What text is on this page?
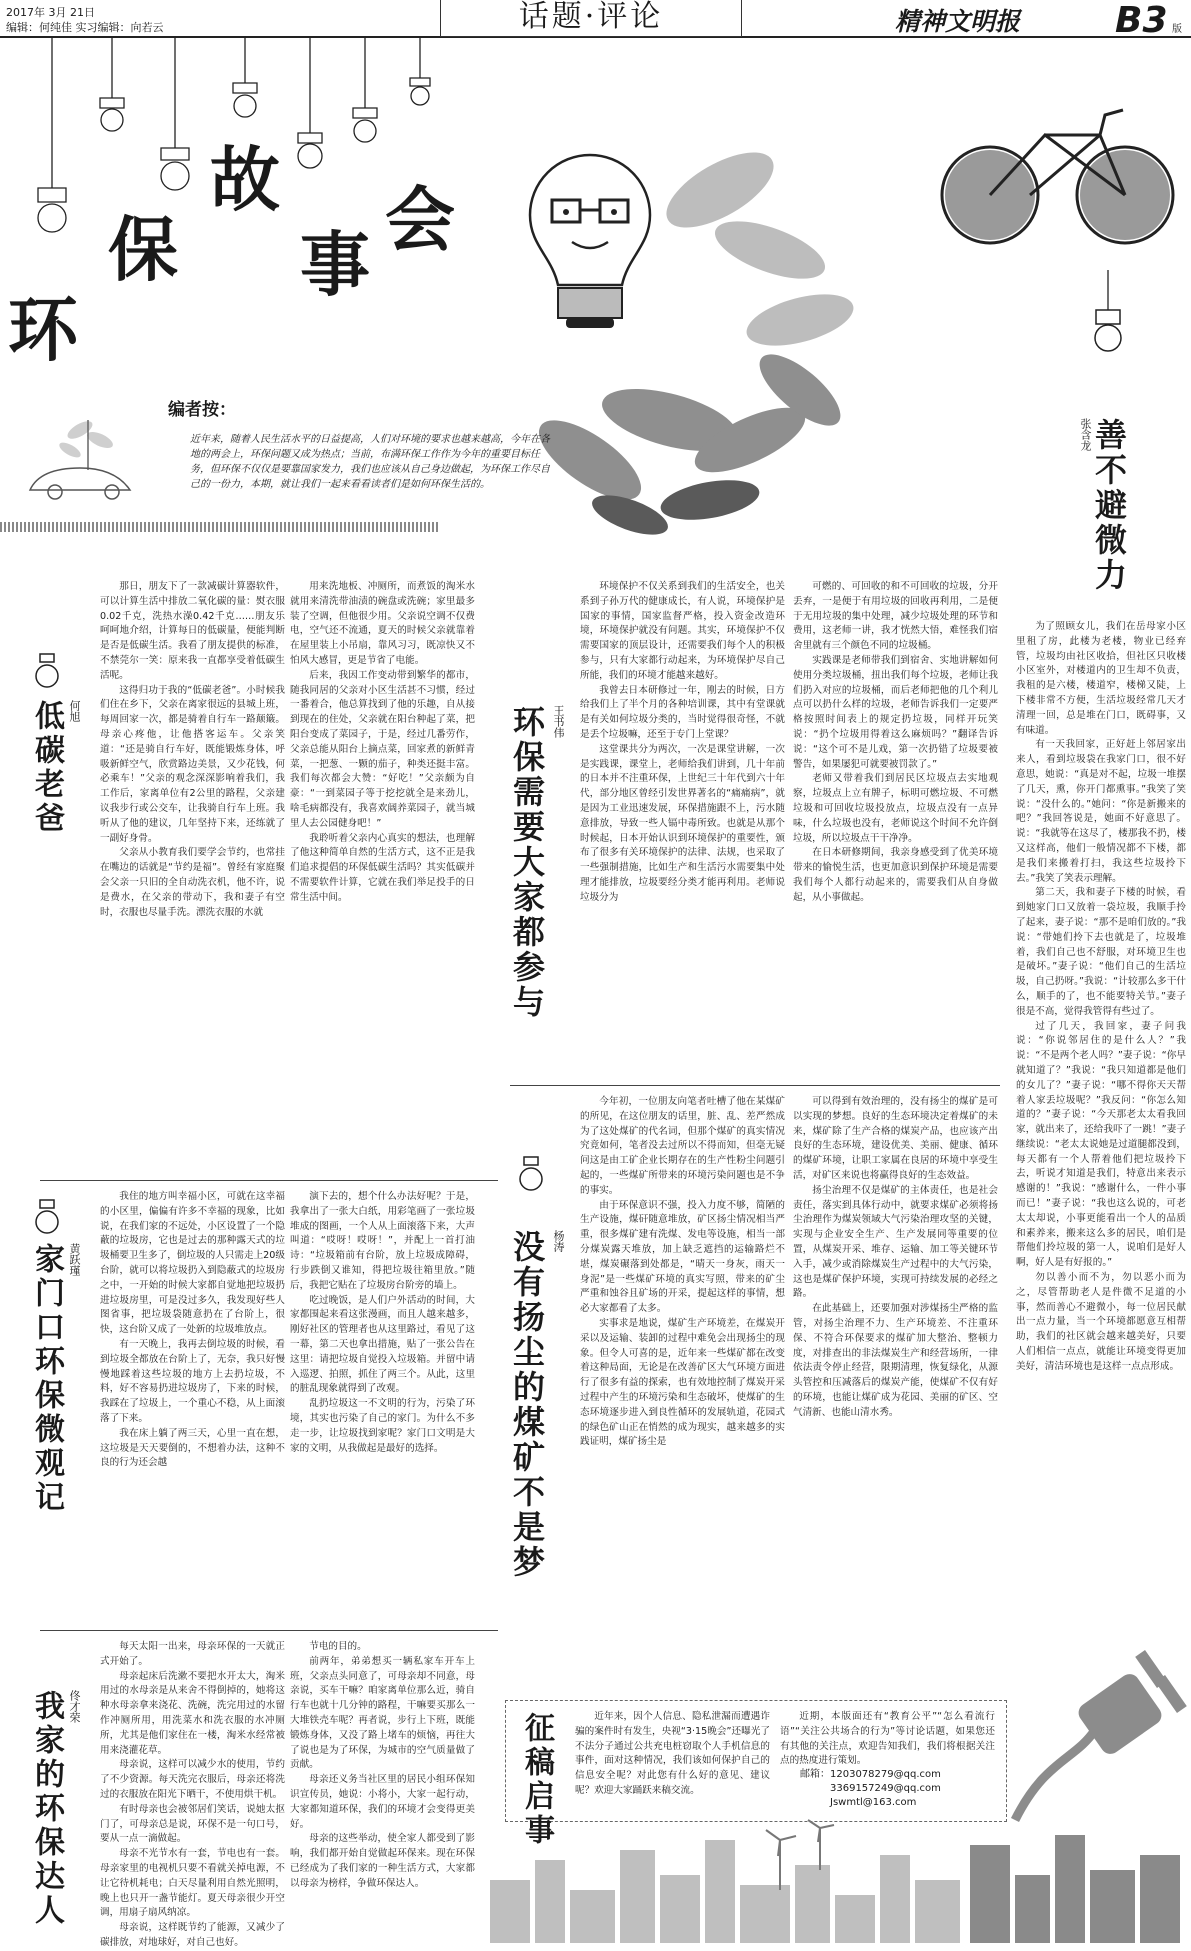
2017年 3月 21日
编辑：何纯佳 实习编辑：向若云	话题·评论	精神文明报	B3 版
环
保
故
事
会
编者按：
近年来，随着人民生活水平的日益提高，人们对环境的要求也越来越高，今年在各地的两会上，环保问题又成为热点；当前，布满环保工作作为今年的重要目标任务，但环保不仅仅是要靠国家发力，我们也应该从自己身边做起，为环保工作尽自己的一份力，本期，就让我们一起来看看读者们是如何环保生活的。	善不避微力
张含龙

为了照顾女儿，我们在岳母家小区里租了房，此楼为老楼，物业已经弃管，垃圾均由社区收拾，但社区只收楼小区室外，对楼道内的卫生却不负责，我租的是六楼，楼道窄，楼梯又陡，上下楼非常不方便，生活垃圾经常几天才清理一回，总是堆在门口，既碍事，又有味道。

有一天我回家，正好赶上邻居家出来人，看到垃圾袋在我家门口，很不好意思，她说：“真是对不起，垃圾一堆摆了几天，熏，你开门都熏事。”我笑了笑说：“没什么的。”她问：“你是新搬来的吧？”我回答说是，她面不好意思了。说：“我就等在这尽了，楼那我不扔，楼又这样高，他们一般情况都不下楼，都是我们来搬着打扫，我这些垃圾拎下去。”我笑了笑表示理解。

第二天，我和妻子下楼的时候，看到她家门口又放着一袋垃圾，我顺手拎了起来，妻子说：“那不是咱们放的。”我说：“带她们拎下去也就是了，垃圾堆着，我们自己也不舒服，对环境卫生也是破坏。”妻子说：“他们自己的生活垃圾，自己扔呀。”我说：“计较那么多干什么，顺手的了，也不能要特关节。”妻子很是不高，觉得我管得有些过了。

过了几天，我回家，妻子问我说：“你说邻居住的是什么人？”我说：“不是两个老人吗？”妻子说：“你早就知道了？”我说：“我只知道都是他们的女儿了？”妻子说：“哪不得你天天帮着人家丢垃圾呢？”我反问：“你怎么知道的？”妻子说：“今天那老太太看我回家，就出来了，还给我吓了一跳！”妻子继续说：“老太太说她是过道腿都没到，每天都有一个人帮着他们把垃圾拎下去，听说才知道是我们，特意出来表示感谢的！”我说：“感谢什么，一件小事而已！”妻子说：“我也这么说的，可老太太却说，小事更能看出一个人的品质和素养来，搬来这么多的居民，咱们是帮他们拎垃圾的第一人，说咱们是好人啊，好人是有好报的。”

勿以善小而不为，勿以恶小而为之，尽管帮助老人是件微不足道的小事，然而善心不避微小，每一位居民献出一点力量，当一个环境都愿意互相帮助，我们的社区就会越来越美好，只要人们相信一点点，就能让环境变得更加美好，清洁环境也是这样一点点形成。

低碳老爸 何旭

那日，朋友下了一款减碳计算器软件，可以计算生活中排放二氧化碳的量：熨衣服0.02千克，洗热水澡0.42千克……朋友乐呵呵地介绍，计算每日的低碳量，便能判断是否是低碳生活。我看了朋友提供的标准，不禁莞尔一笑：原来我一直都享受着低碳生活呢。

这得归功于我的“低碳老爸”。小时候我们住在乡下，父亲在离家很远的县城上班，每周回家一次，都是骑着自行车一路颠簸。母亲心疼他，让他搭客运车。父亲笑道：“还是骑自行车好，既能锻炼身体，呼吸新鲜空气，欣赏路边美景，又少花钱，何必乘车！”父亲的观念深深影响着我们，我工作后，家离单位有2公里的路程，父亲建议我步行或公交车，让我骑自行车上班。我听从了他的建议，几年坚持下来，还练就了一副好身骨。

父亲从小教育我们要学会节约，也常挂在嘴边的话就是“节约是福”。曾经有家庭聚会父亲一只旧的全自动洗衣机，他不许，说是费水，在父亲的带动下，我和妻子有空时，衣服也尽量手洗。漂洗衣服的水就

用来洗地板、冲厕所，而煮饭的淘米水就用来清洗带油渍的碗盘或洗碗；家里最多装了空调，但他很少用。父亲说空调不仅费电，空气还不流通，夏天的时候父亲就靠着在屋里装上小吊扇，靠风习习，既凉快又不怕风大感冒，更是节省了电能。

后来，我因工作变动带到繁华的都市，随我同居的父亲对小区生活甚不习惯，经过一番着合，他总算找到了他的乐趣，自从接到现在的住处，父亲就在阳台种起了菜，把阳台变成了菜园子，于是，经过几番劳作，父亲总能从阳台上摘点菜，回家煮的新鲜青菜，一把葱、一颗的茄子，种类还挺丰富。我们每次都会大赞：“好吃！”父亲颇为自豪：“一到菜园子等于挖挖就全是来劲儿，啥毛病都没有，我喜欢阔养菜园子，就当城里人去公园健身吧！”

我聆听着父亲内心真实的想法，也理解了他这种简单自然的生活方式，这不正是我们追求提倡的环保低碳生活吗？其实低碳并不需要软件计算，它就在我们举足投手的日常生活中间。	环保需要大家都参与 王书伟

环境保护不仅关系到我们的生活安全，也关系到子孙万代的健康成长，有人说，环境保护是国家的事情，国家监督严格，投入资金改造环境，环境保护就没有问题。其实，环境保护不仅需要国家的顶层设计，还需要我们每个人的积极参与，只有大家都行动起来，为环境保护尽自己所能，我们的环境才能越来越好。

我曾去日本研修过一年，刚去的时候，日方给我们上了半个月的各种培训课，其中有堂课就是有关如何垃圾分类的，当时觉得很奇怪，不就是丢个垃圾嘛，还至于专门上堂课？

这堂课共分为两次，一次是课堂讲解，一次是实践课，课堂上，老师给我们讲到，几十年前的日本并不注重环保，上世纪三十年代到六十年代，部分地区曾经引发世界著名的“痛痛病”，就是因为工业迅速发展，环保措施跟不上，污水随意排放，导致一些人镉中毒所致。也就是从那个时候起，日本开始认识到环境保护的重要性，颁布了很多有关环境保护的法律、法规，也采取了一些强制措施，比如生产和生活污水需要集中处理才能排放，垃圾要经分类才能再利用。老师说垃圾分为

可燃的、可回收的和不可回收的垃圾，分开丢弃，一是便于有用垃圾的回收再利用，二是便于无用垃圾的集中处理，减少垃圾处理的环节和费用，这老师一讲，我才恍然大悟，难怪我们宿舍里就有三个颜色不同的垃圾桶。

实践课是老师带我们到宿舍、实地讲解如何使用分类垃圾桶，扭出我们每个垃圾，老师让我们扔入对应的垃圾桶，而后老师把他的几个利儿点可以扔什么样的垃圾，老师告诉我们一定要严格按照时间表上的规定扔垃圾，同样开玩笑说：“扔个垃圾用得着这么麻烦吗？”翻译告诉说：“这个可不是儿戏，第一次扔错了垃圾要被警告，如果屡犯可就要被罚款了。”

老师又带着我们到居民区垃圾点去实地观察，垃圾点上立有牌子，标明可燃垃圾、不可燃垃圾和可回收垃圾投放点，垃圾点没有一点异味，什么垃圾也没有，老师说这个时间不允许倒垃圾，所以垃圾点干干净净。

在日本研修期间，我亲身感受到了优美环境带来的愉悦生活，也更加意识到保护环境是需要我们每个人都行动起来的，需要我们从自身做起，从小事做起。

家门口环保微观记 黄跃瑾

我住的地方叫幸福小区，可就在这幸福的小区里，偏偏有许多不幸福的现象，比如说，在我们家的不远处，小区设置了一个隐蔽的垃圾房，它也是过去的那种露天式的垃圾桶要卫生多了，倒垃圾的人只需走上20级台阶，就可以将垃圾扔入到隐蔽式的垃圾房之中，一开始的时候大家都自觉地把垃圾扔进垃圾房里，可是没过多久，我发现好些人图省事，把垃圾袋随意扔在了台阶上，很快，这台阶又成了一处新的垃圾堆放点。

有一天晚上，我再去倒垃圾的时候，看到垃圾全都放在台阶上了，无奈，我只好慢慢地踩着这些垃圾的地方上去扔垃圾，不料，好不容易扔进垃圾房了，下来的时候，我踩在了垃圾上，一个重心不稳，从上面滚落了下来。

我在床上躺了两三天，心里一直在想，这垃圾是天天要倒的，不想着办法，这种不良的行为还会越

演下去的，想个什么办法好呢？于是，我拿出了一张大白纸，用彩笔画了一张垃圾堆成的图画，一个人从上面滚落下来，大声叫道：“哎呀！哎呀！”，并配上一首打油诗：“垃圾箱前有台阶，放上垃圾成障碍，行步跌倒又谁知，得把垃圾往箱里放。”随后，我把它贴在了垃圾房台阶旁的墙上。

吃过晚饭，是人们户外活动的时间，大家都围起来看这张漫画，而且人越来越多，刚好社区的管理者也从这里路过，看见了这一幕，第二天也拿出措施，贴了一张公告在这里：请把垃圾自觉投入垃圾箱。并留中请入巡逻、拍照，抓住了两三个。从此，这里的脏乱现象就得到了改观。

乱扔垃圾这一不文明的行为，污染了环境，其实也污染了自己的家门。为什么不多走一步，让垃圾找到家呢？家门口文明是大家的文明，从我做起是最好的选择。	没有扬尘的煤矿不是梦 杨涛

今年初，一位朋友向笔者吐槽了他在某煤矿的所见，在这位朋友的话里，脏、乱、差严然成为了这处煤矿的代名词，但那个煤矿的真实情况究竟如何，笔者没去过所以不得而知，但毫无疑问这是由工矿企业长期存在的生产性粉尘问题引起的，一些煤矿所带来的环境污染问题也是不争的事实。

由于环保意识不强，投入力度不够，简陋的生产设施，煤矸随意堆放，矿区扬尘情况相当严重，很多煤矿建有洗煤、发电等设施，相当一部分煤炭露天堆放，加上缺乏遮挡的运输路烂不堪，煤炭碾落到处都是，“晴天一身灰，雨天一身泥”是一些煤矿环境的真实写照，带来的矿尘严重和蚀谷且矿场的开采，提起这样的事情，想必大家都看了太多。

实事求是地说，煤矿生产环境差，在煤炭开采以及运输、装卸的过程中难免会出现扬尘的现象。但令人可喜的是，近年来一些煤矿都在改变着这种局面，无论是在改善矿区大气环境方面进行了很多有益的探索，也有效地控制了煤炭开采过程中产生的环境污染和生态破坏，使煤矿的生态环境逐步进入到良性循环的发展轨道，花园式的绿色矿山正在悄然的成为现实，越来越多的实践证明，煤矿扬尘是

可以得到有效治理的，没有扬尘的煤矿是可以实现的梦想。良好的生态环境决定着煤矿的未来，煤矿除了生产合格的煤炭产品，也应该产出良好的生态环境，建设优美、美丽、健康、循环的煤矿环境，让职工家属在良居的环境中享受生活，对矿区来说也将赢得良好的生态效益。

扬尘治理不仅是煤矿的主体责任，也是社会责任，落实到具体行动中，就要求煤矿必须将扬尘治理作为煤炭领域大气污染治理攻坚的关键，实现与企业安全生产、生产发展同等重要的位置，从煤炭开采、堆存、运输、加工等关键环节入手，减少或消除煤炭生产过程中的大气污染，这也是煤矿保护环境，实现可持续发展的必经之路。

在此基础上，还要加强对涉煤扬尘严格的监管，对扬尘治理不力、生产环境差、不注重环保、不符合环保要求的煤矿加大整治、整顿力度，对排查出的非法煤炭生产和经营场所，一律依法责令停止经营，限期清理，恢复绿化，从源头管控和压减落后的煤炭产能，使煤矿不仅有好的环境，也能让煤矿成为花园、美丽的矿区、空气清新、也能山清水秀。

我家的环保达人 佟才荣

每天太阳一出来，母亲环保的一天就正式开始了。

母亲起床后洗漱不要把水开太大，淘米用过的水母亲是从来舍不得倒掉的，她将这种水母亲拿来浇花、洗碗，洗完用过的水留作冲厕所用，用洗菜水和洗衣服的水冲厕所，尤其是他们家住在一楼，淘米水经常被用来浇灌花草。

母亲说，这样可以减少水的使用，节约了不少资源。每天洗完衣服后，母亲还将洗过的衣服放在阳光下晒干，不使用烘干机。

有时母亲也会被邻居们笑话，说她太抠门了，可母亲总是说，环保不是一句口号，要从一点一滴做起。

母亲不光节水有一套，节电也有一套。母亲家里的电视机只要不看就关掉电源，不让它待机耗电；白天尽量利用自然光照明，晚上也只开一盏节能灯。夏天母亲很少开空调，用扇子扇风纳凉。

母亲说，这样既节约了能源，又减少了碳排放，对地球好，对自己也好。

节电的目的。

前两年，弟弟想买一辆私家车开车上班，父亲点头同意了，可母亲却不同意，母亲说，买车干嘛？咱家离单位那么近，骑自行车也就十几分钟的路程，干嘛要买那么一大堆铁壳车呢？再者说，步行上下班，既能锻炼身体，又没了路上堵车的烦恼，再往大了说也是为了环保，为城市的空气质量做了贡献。

母亲还义务当社区里的居民小组环保知识宣传员，她说：小将小，大家一起行动，大家都知道环保，我们的环境才会变得更美好。

母亲的这些举动，使全家人都受到了影响，我们都开始自觉做起环保来。现在环保已经成为了我们家的一种生活方式，大家都以母亲为榜样，争做环保达人。

征稿启事	近年来，因个人信息、隐私泄漏而遭遇诈骗的案件时有发生，央视“3·15晚会”还曝光了不法分子通过公共充电桩窃取个人手机信息的事件，面对这种情况，我们该如何保护自己的信息安全呢？对此您有什么好的意见、建议呢？欢迎大家踊跃来稿交流。

近期，本版面还有“教育公平”“怎么看流行语”“关注公共场合的行为”等讨论话题，如果您还有其他的关注点，欢迎告知我们，我们将根据关注点的热度进行策划。

邮箱：1203078279@qq.com
3369157249@qq.com
Jswmtl@163.com
